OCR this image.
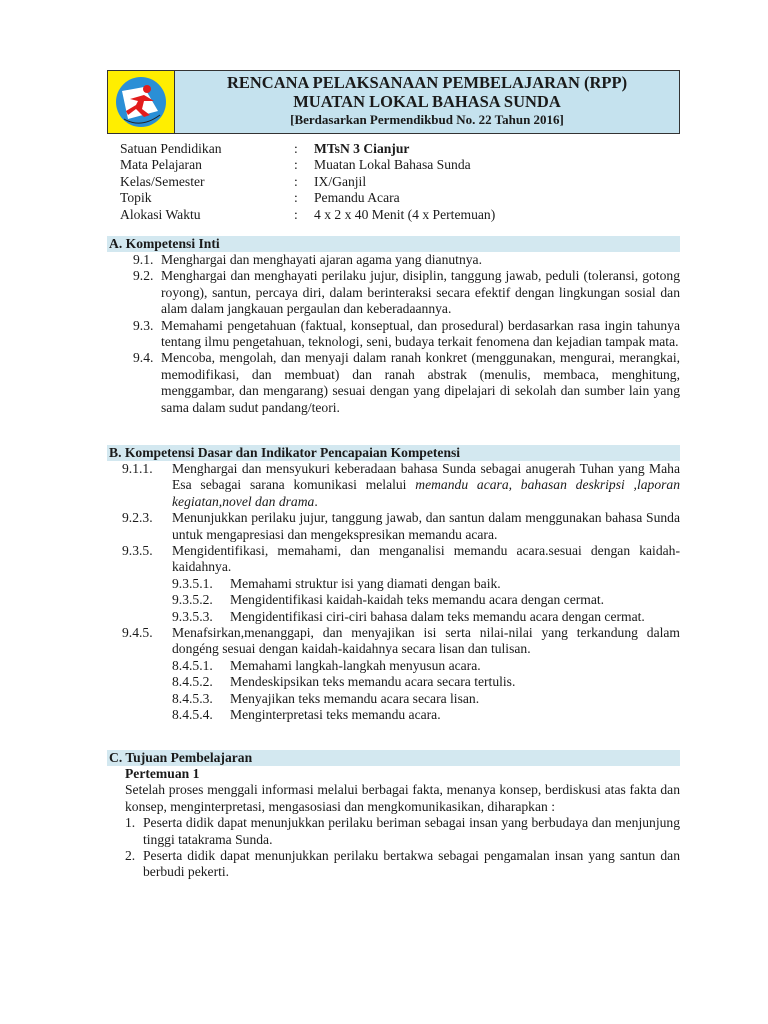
RENCANA PELAKSANAAN PEMBELAJARAN (RPP)
MUATAN LOKAL BAHASA SUNDA
[Berdasarkan Permendikbud No. 22 Tahun 2016]
Satuan Pendidikan	:	MTsN 3 Cianjur
Mata Pelajaran	:	Muatan Lokal Bahasa Sunda
Kelas/Semester	:	IX/Ganjil
Topik	:	Pemandu Acara
Alokasi Waktu	:	4 x 2 x 40 Menit (4 x Pertemuan)
A. Kompetensi Inti
9.1. Menghargai dan menghayati ajaran agama yang dianutnya.
9.2. Menghargai dan menghayati perilaku jujur, disiplin, tanggung jawab, peduli (toleransi, gotong royong), santun, percaya diri, dalam berinteraksi secara efektif dengan lingkungan sosial dan alam dalam jangkauan pergaulan dan keberadaannya.
9.3. Memahami pengetahuan (faktual, konseptual, dan prosedural) berdasarkan rasa ingin tahunya tentang ilmu pengetahuan, teknologi, seni, budaya terkait fenomena dan kejadian tampak mata.
9.4. Mencoba, mengolah, dan menyaji dalam ranah konkret (menggunakan, mengurai, merangkai, memodifikasi, dan membuat) dan ranah abstrak (menulis, membaca, menghitung, menggambar, dan mengarang) sesuai dengan yang dipelajari di sekolah dan sumber lain yang sama dalam sudut pandang/teori.
B. Kompetensi Dasar dan Indikator Pencapaian Kompetensi
9.1.1.	Menghargai dan mensyukuri keberadaan bahasa Sunda sebagai anugerah Tuhan yang Maha Esa sebagai sarana komunikasi melalui memandu acara, bahasan deskripsi ,laporan kegiatan,novel dan drama.
9.2.3.	Menunjukkan perilaku jujur, tanggung jawab, dan santun dalam menggunakan bahasa Sunda untuk mengapresiasi dan mengekspresikan memandu acara.
9.3.5.	Mengidentifikasi, memahami, dan menganalisi memandu acara.sesuai dengan kaidah-kaidahnya.
9.3.5.1.	Memahami struktur isi yang diamati dengan baik.
9.3.5.2.	Mengidentifikasi kaidah-kaidah teks memandu acara dengan cermat.
9.3.5.3.	Mengidentifikasi ciri-ciri bahasa dalam teks memandu acara dengan cermat.
9.4.5.	Menafsirkan,menanggapi, dan menyajikan isi serta nilai-nilai yang terkandung dalam dongéng sesuai dengan kaidah-kaidahnya secara lisan dan tulisan.
8.4.5.1.	Memahami langkah-langkah menyusun acara.
8.4.5.2.	Mendeskipsikan teks memandu acara secara tertulis.
8.4.5.3.	Menyajikan teks memandu acara secara lisan.
8.4.5.4.	Menginterpretasi teks memandu acara.
C. Tujuan Pembelajaran
Pertemuan 1
Setelah proses menggali informasi melalui berbagai fakta, menanya konsep, berdiskusi atas fakta dan konsep, menginterpretasi, mengasosiasi dan mengkomunikasikan, diharapkan :
1. Peserta didik dapat menunjukkan perilaku beriman sebagai insan yang berbudaya dan menjunjung tinggi tatakrama Sunda.
2. Peserta didik dapat menunjukkan perilaku bertakwa sebagai pengamalan insan yang santun dan berbudi pekerti.
